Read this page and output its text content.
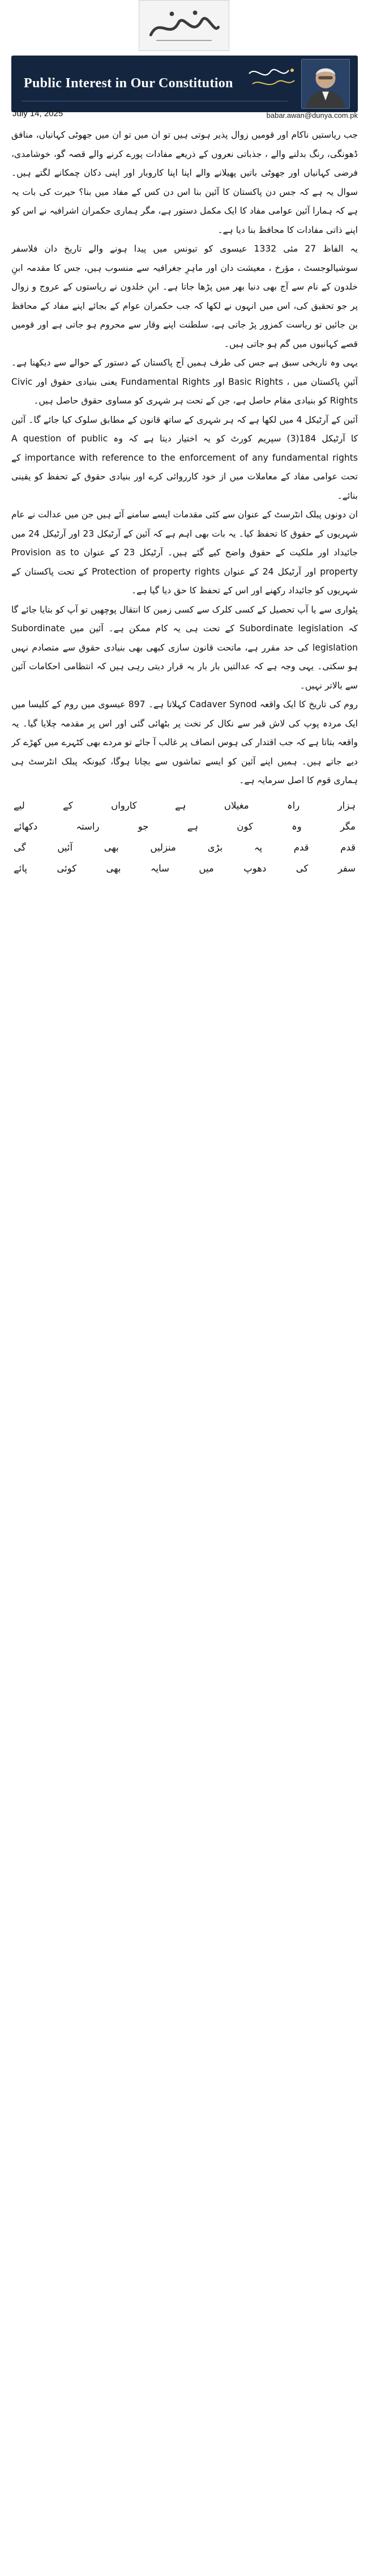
Public Interest in Our Constitution
July 14, 2025	babar.awan@dunya.com.pk

جب ریاستیں ناکام اور قومیں زوال پذیر ہوتی ہیں تو ان میں تو ان میں جھوٹی کہانیاں، منافق ڈھونگی، رنگ بدلنے والے ، جذباتی نعروں کے ذریعے مفادات پورے کرنے والے قصہ گو، خوشامدی، فرضی کہانیاں اور جھوٹی باتیں پھیلانے والے اپنا اپنا کاروبار اور اپنی دکان چمکانے لگتے ہیں۔ سوال یہ ہے کہ جس دن پاکستان کا آئین بنا اس دن کس کے مفاد میں بنا؟ حیرت کی بات یہ ہے کہ ہمارا آئین عوامی مفاد کا ایک مکمل دستور ہے، مگر ہماری حکمران اشرافیہ نے اس کو اپنے ذاتی مفادات کا محافظ بنا دیا ہے۔

یہ الفاظ 27 مئی 1332 عیسوی کو تیونس میں پیدا ہونے والے تاریخ دان فلاسفر سوشیالوجسٹ ، مؤرخ ، معیشت دان اور ماہرِ جغرافیہ سے منسوب ہیں، جس کا مقدمہ ابنِ خلدون کے نام سے آج بھی دنیا بھر میں پڑھا جاتا ہے۔ ابنِ خلدون نے ریاستوں کے عروج و زوال پر جو تحقیق کی، اس میں انہوں نے لکھا کہ جب حکمران عوام کے بجائے اپنے مفاد کے محافظ بن جائیں تو ریاست کمزور پڑ جاتی ہے، سلطنت اپنے وقار سے محروم ہو جاتی ہے اور قومیں قصے کہانیوں میں گم ہو جاتی ہیں۔

یہی وہ تاریخی سبق ہے جس کی طرف ہمیں آج پاکستان کے دستور کے حوالے سے دیکھنا ہے۔ آئینِ پاکستان میں ، Basic Rights اور Fundamental Rights یعنی بنیادی حقوق اور Civic Rights کو بنیادی مقام حاصل ہے، جن کے تحت ہر شہری کو مساوی حقوق حاصل ہیں۔

آئین کے آرٹیکل 4 میں لکھا ہے کہ ہر شہری کے ساتھ قانون کے مطابق سلوک کیا جائے گا۔ آئین کا آرٹیکل 184(3) سپریم کورٹ کو یہ اختیار دیتا ہے کہ وہ A question of public importance with reference to the enforcement of any fundamental rights کے تحت عوامی مفاد کے معاملات میں از خود کارروائی کرے اور بنیادی حقوق کے تحفظ کو یقینی بنائے۔

ان دونوں پبلک انٹرسٹ کے عنوان سے کئی مقدمات ایسے سامنے آئے ہیں جن میں عدالت نے عام شہریوں کے حقوق کا تحفظ کیا۔ یہ بات بھی اہم ہے کہ آئین کے آرٹیکل 23 اور آرٹیکل 24 میں جائیداد اور ملکیت کے حقوق واضح کیے گئے ہیں۔ آرٹیکل 23 کے عنوان Provision as to property اور آرٹیکل 24 کے عنوان Protection of property rights کے تحت پاکستان کے شہریوں کو جائیداد رکھنے اور اس کے تحفظ کا حق دیا گیا ہے۔

پٹواری سے یا آپ تحصیل کے کسی کلرک سے کسی زمین کا انتقال پوچھیں تو آپ کو بتایا جائے گا کہ Subordinate legislation کے تحت ہی یہ کام ممکن ہے۔ آئین میں Subordinate legislation کی حد مقرر ہے، ماتحت قانون سازی کبھی بھی بنیادی حقوق سے متصادم نہیں ہو سکتی۔ یہی وجہ ہے کہ عدالتیں بار بار یہ قرار دیتی رہی ہیں کہ انتظامی احکامات آئین سے بالاتر نہیں۔

روم کی تاریخ کا ایک واقعہ Cadaver Synod کہلاتا ہے۔ 897 عیسوی میں روم کے کلیسا میں ایک مردہ پوپ کی لاش قبر سے نکال کر تخت پر بٹھائی گئی اور اس پر مقدمہ چلایا گیا۔ یہ واقعہ بتاتا ہے کہ جب اقتدار کی ہوس انصاف پر غالب آ جائے تو مردے بھی کٹہرے میں کھڑے کر دیے جاتے ہیں۔ ہمیں اپنے آئین کو ایسے تماشوں سے بچانا ہوگا، کیونکہ پبلک انٹرسٹ ہی ہماری قوم کا اصل سرمایہ ہے۔

ہزار
راہ
مغیلاں
ہے
کارواں
کے
لیے
مگر
وہ
کون
ہے
جو
راستہ
دکھائے
قدم
قدم
پہ
بڑی
منزلیں
بھی
آئیں
گی
سفر
کی
دھوپ
میں
سایہ
بھی
کوئی
پائے
